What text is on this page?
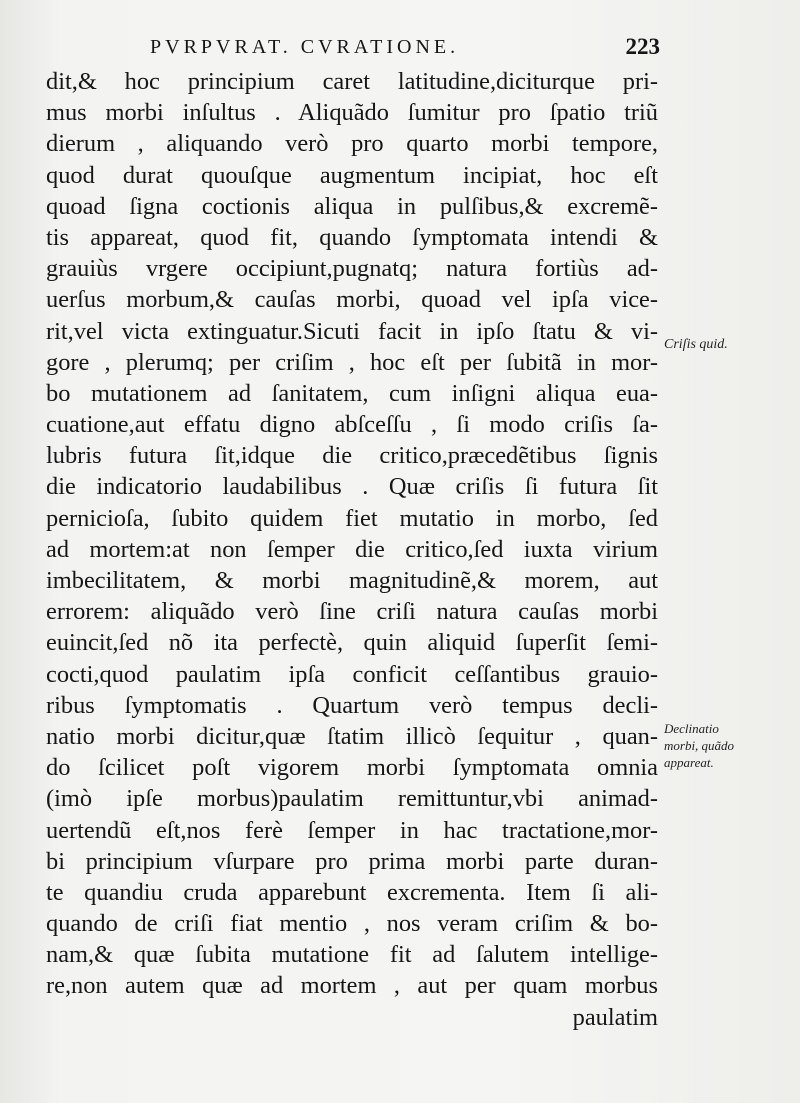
PVRPVRAT. CVRATIONE.	223
dit,& hoc principium caret latitudine,diciturque pri-
mus morbi inſultus . Aliquãdo ſumitur pro ſpatio triũ
dierum , aliquando verò pro quarto morbi tempore,
quod durat quouſque augmentum incipiat, hoc eſt
quoad ſigna coctionis aliqua in pulſibus,& excremẽ-
tis appareat, quod fit, quando ſymptomata intendi &
grauiùs vrgere occipiunt,pugnatq; natura fortiùs ad-
uerſus morbum,& cauſas morbi, quoad vel ipſa vice-
rit,vel victa extinguatur.Sicuti facit in ipſo ſtatu & vi-
gore , plerumq; per criſim , hoc eſt per ſubitã in mor-
bo mutationem ad ſanitatem, cum inſigni aliqua eua-
cuatione,aut effatu digno abſceſſu , ſi modo criſis ſa-
lubris futura ſit,idque die critico,præcedẽtibus ſignis
die indicatorio laudabilibus . Quæ criſis ſi futura ſit
pernicioſa, ſubito quidem fiet mutatio in morbo, ſed
ad mortem:at non ſemper die critico,ſed iuxta virium
imbecilitatem, & morbi magnitudinẽ,& morem, aut
errorem: aliquãdo verò ſine criſi natura cauſas morbi
euincit,ſed nõ ita perfectè, quin aliquid ſuperſit ſemi-
cocti,quod paulatim ipſa conficit ceſſantibus grauio-
ribus ſymptomatis . Quartum verò tempus decli-
natio morbi dicitur,quæ ſtatim illicò ſequitur , quan-
do ſcilicet poſt vigorem morbi ſymptomata omnia
(imò ipſe morbus)paulatim remittuntur,vbi animad-
uertendũ eſt,nos ferè ſemper in hac tractatione,mor-
bi principium vſurpare pro prima morbi parte duran-
te quandiu cruda apparebunt excrementa. Item ſi ali-
quando de criſi fiat mentio , nos veram criſim & bo-
nam,& quæ ſubita mutatione fit ad ſalutem intellige-
re,non autem quæ ad mortem , aut per quam morbus
paulatim
Criſis quid.
Declinatio
morbi, quãdo
appareat.
